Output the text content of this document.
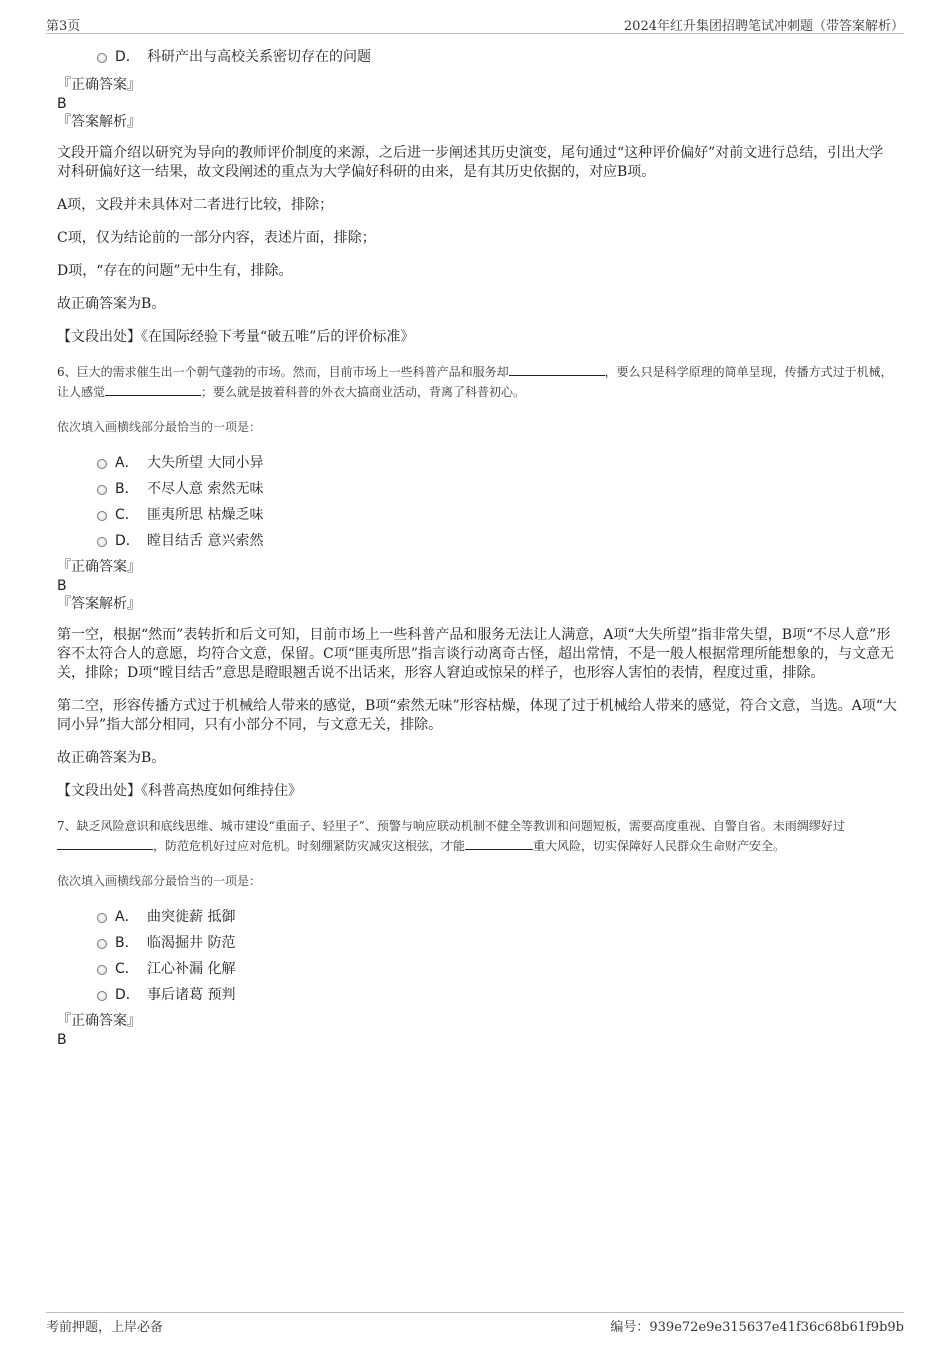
第3页	2024年红升集团招聘笔试冲刺题（带答案解析）
D． 科研产出与高校关系密切存在的问题
『正确答案』
B
『答案解析』
文段开篇介绍以研究为导向的教师评价制度的来源，之后进一步阐述其历史演变，尾句通过“这种评价偏好”对前文进行总结，引出大学对科研偏好这一结果，故文段阐述的重点为大学偏好科研的由来，是有其历史依据的，对应B项。
A项，文段并未具体对二者进行比较，排除；
C项，仅为结论前的一部分内容，表述片面，排除；
D项，“存在的问题”无中生有，排除。
故正确答案为B。
【文段出处】《在国际经验下考量“破五唯”后的评价标准》
6、巨大的需求催生出一个朝气蓬勃的市场。然而，目前市场上一些科普产品和服务却	，要么只是科学原理的简单呈现，传播方式过于机械，让人感觉	；要么就是披着科普的外衣大搞商业活动，背离了科普初心。
依次填入画横线部分最恰当的一项是：
A． 大失所望 大同小异
B． 不尽人意 索然无味
C． 匪夷所思 枯燥乏味
D． 瞠目结舌 意兴索然
『正确答案』
B
『答案解析』
第一空，根据“然而”表转折和后文可知，目前市场上一些科普产品和服务无法让人满意，A项“大失所望”指非常失望，B项“不尽人意”形容不太符合人的意愿，均符合文意，保留。C项“匪夷所思”指言谈行动离奇古怪，超出常情，不是一般人根据常理所能想象的，与文意无关，排除；D项“瞠目结舌”意思是瞪眼翘舌说不出话来，形容人窘迫或惊呆的样子，也形容人害怕的表情，程度过重，排除。
第二空，形容传播方式过于机械给人带来的感觉，B项“索然无味”形容枯燥，体现了过于机械给人带来的感觉，符合文意，当选。A项“大同小异”指大部分相同，只有小部分不同，与文意无关，排除。
故正确答案为B。
【文段出处】《科普高热度如何维持住》
7、缺乏风险意识和底线思维、城市建设“重面子、轻里子”、预警与响应联动机制不健全等教训和问题短板，需要高度重视、自警自省。未雨绸缪好过，防范危机好过应对危机。时刻绷紧防灾减灾这根弦，才能	重大风险，切实保障好人民群众生命财产安全。
依次填入画横线部分最恰当的一项是：
A． 曲突徙薪 抵御
B． 临渴掘井 防范
C． 江心补漏 化解
D． 事后诸葛 预判
『正确答案』
B
考前押题，上岸必备	编号：939e72e9e315637e41f36c68b61f9b9b
